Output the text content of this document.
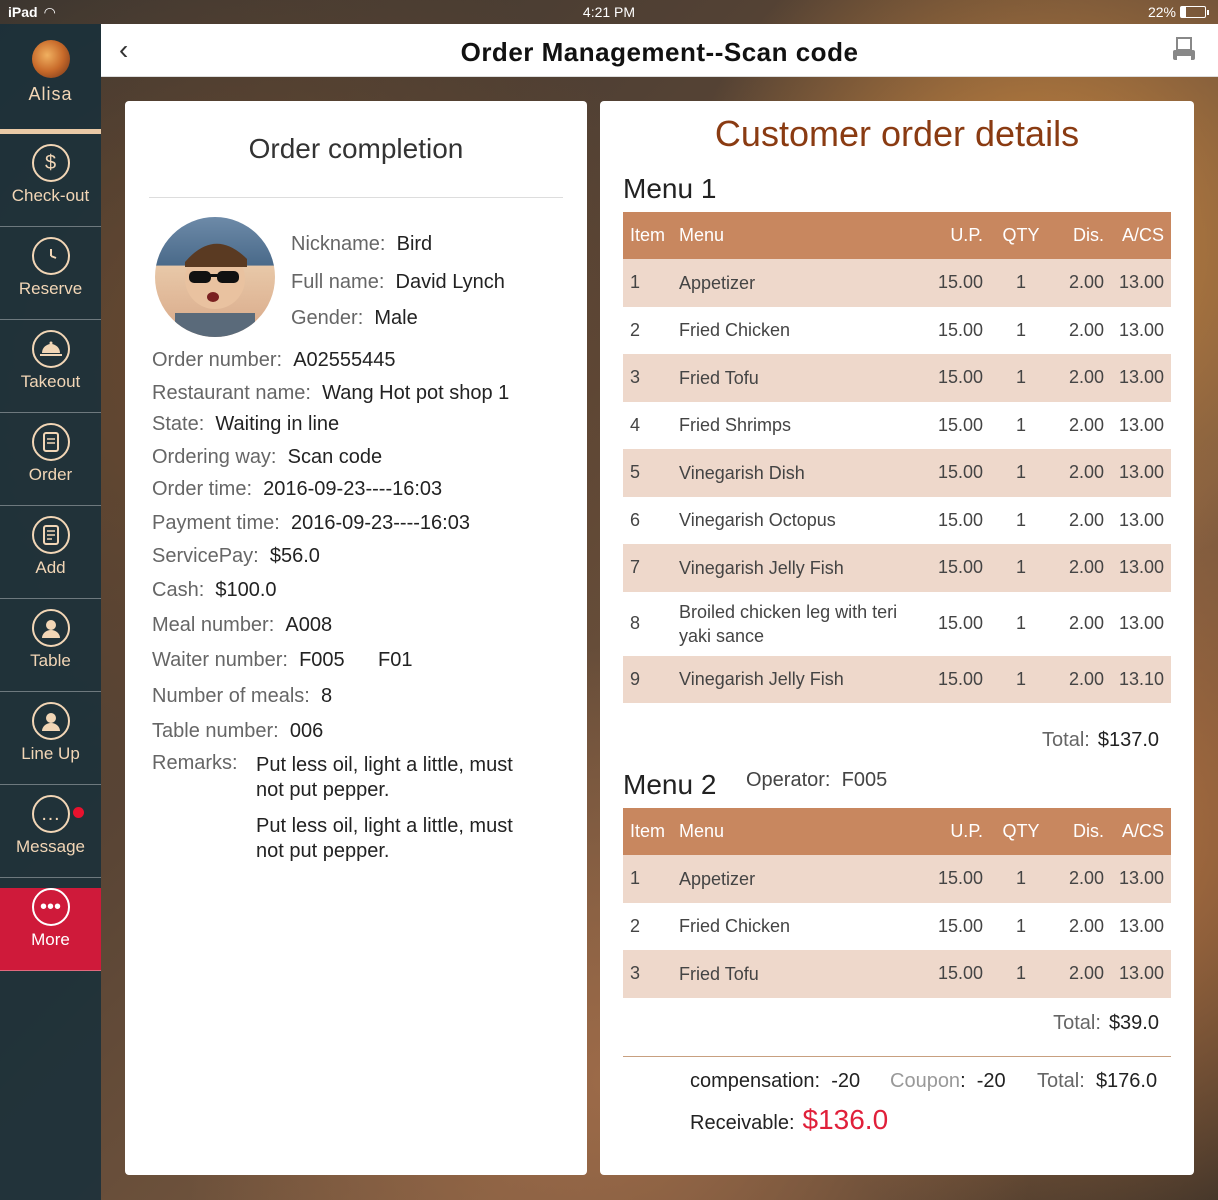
iPad ◠	4:21 PM	22%
Alisa
$
Check-out
Reserve
Takeout
Order
Add
Table
Line Up
…
Message
•••
More
‹	Order Management--Scan code
Order completion
Nickname: Bird
Full name: David Lynch
Gender: Male
Order number: A02555445
Restaurant name: Wang Hot pot shop 1
State: Waiting in line
Ordering way: Scan code
Order time: 2016-09-23----16:03
Payment time: 2016-09-23----16:03
ServicePay: $56.0
Cash: $100.0
Meal number: A008
Waiter number: F005 F01
Number of meals: 8
Table number: 006
Remarks: Put less oil, light a little, must not put pepper.
Put less oil, light a little, must not put pepper.
Customer order details
Menu 1
Item	Menu	U.P.	QTY	Dis.	A/CS
1	Appetizer	15.00	1	2.00	13.00
2	Fried Chicken	15.00	1	2.00	13.00
3	Fried Tofu	15.00	1	2.00	13.00
4	Fried Shrimps	15.00	1	2.00	13.00
5	Vinegarish Dish	15.00	1	2.00	13.00
6	Vinegarish Octopus	15.00	1	2.00	13.00
7	Vinegarish Jelly Fish	15.00	1	2.00	13.00
8	Broiled chicken leg with teri yaki sance	15.00	1	2.00	13.00
9	Vinegarish Jelly Fish	15.00	1	2.00	13.10
Total: $137.0
Menu 2 Operator: F005
Item	Menu	U.P.	QTY	Dis.	A/CS
1	Appetizer	15.00	1	2.00	13.00
2	Fried Chicken	15.00	1	2.00	13.00
3	Fried Tofu	15.00	1	2.00	13.00
Total: $39.0
compensation: -20 Coupon:  -20 Total: $176.0
Receivable: $136.0
